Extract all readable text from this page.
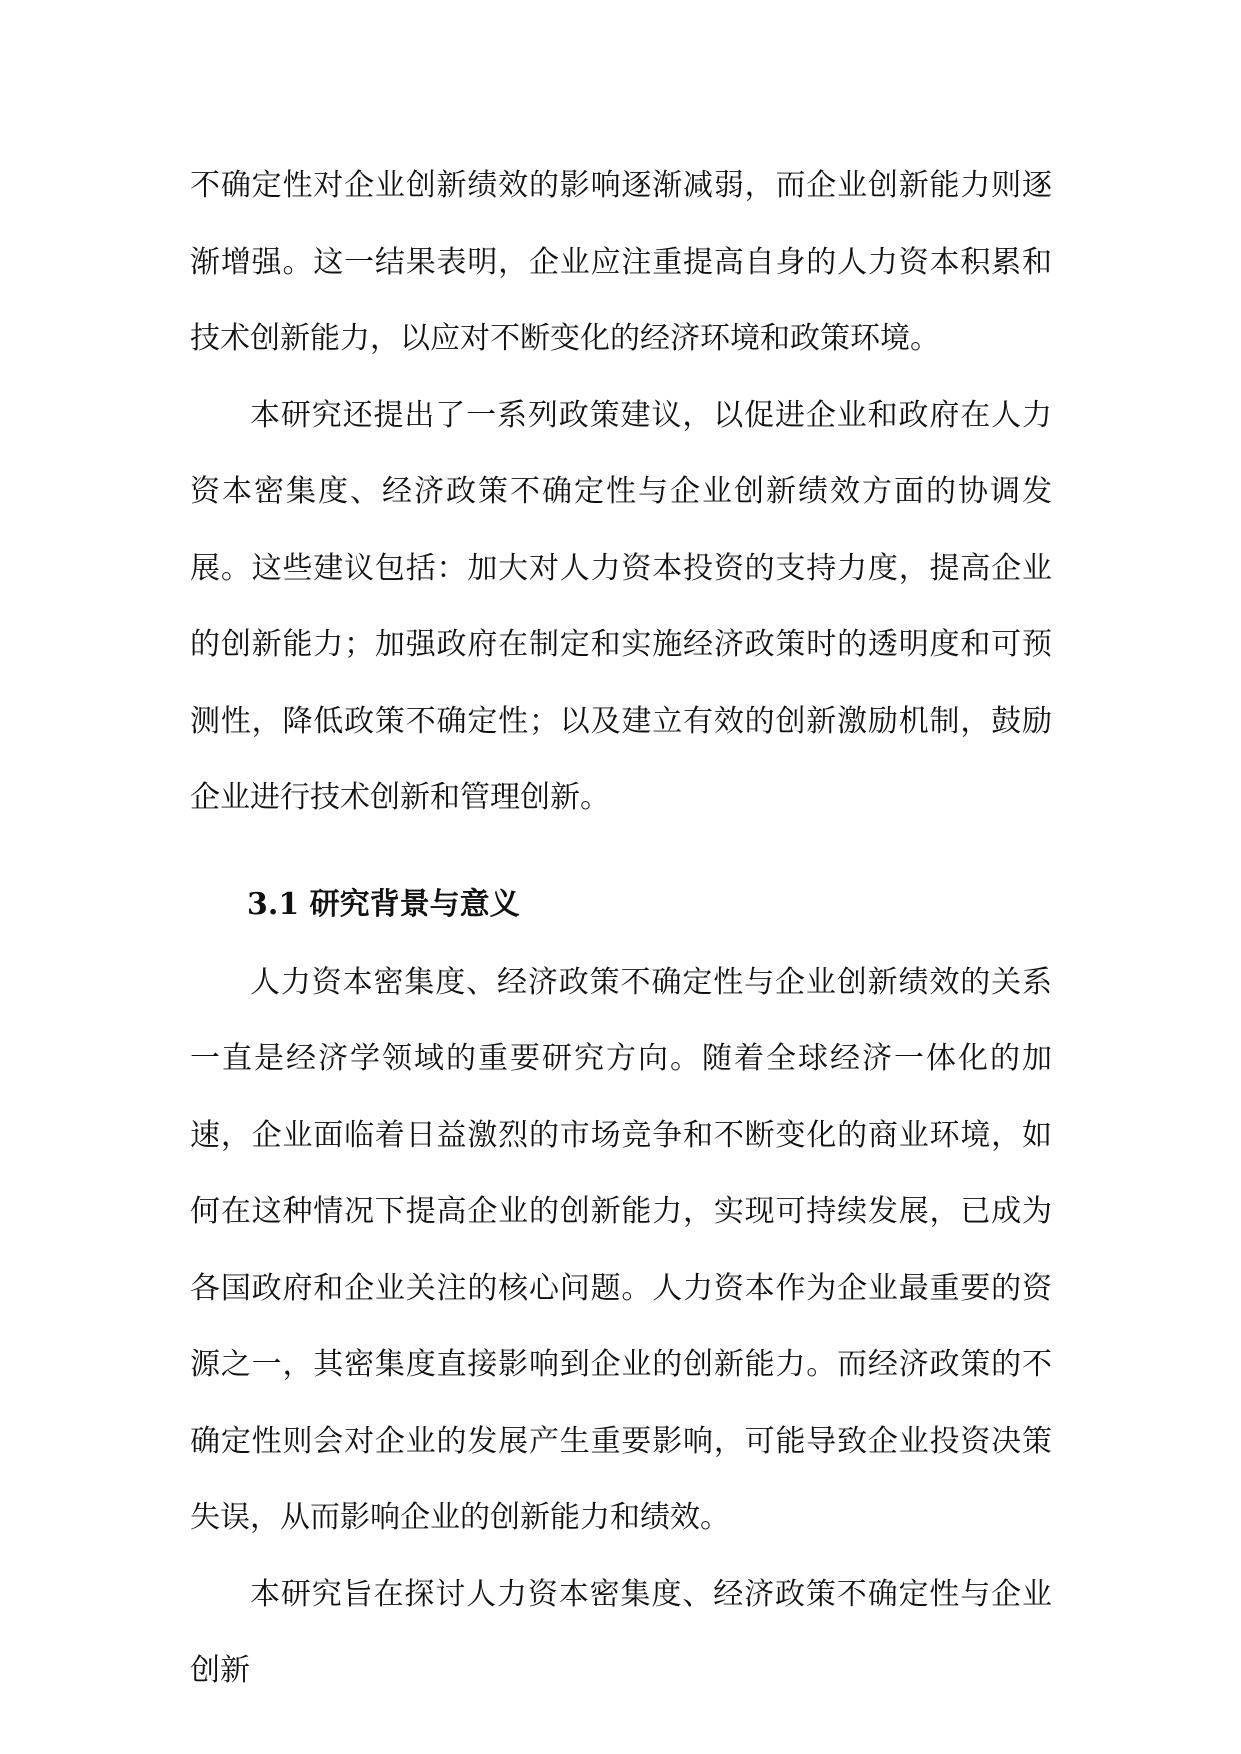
不确定性对企业创新绩效的影响逐渐减弱，而企业创新能力则逐渐增强。这一结果表明，企业应注重提高自身的人力资本积累和技术创新能力，以应对不断变化的经济环境和政策环境。

本研究还提出了一系列政策建议，以促进企业和政府在人力资本密集度、经济政策不确定性与企业创新绩效方面的协调发展。这些建议包括：加大对人力资本投资的支持力度，提高企业的创新能力；加强政府在制定和实施经济政策时的透明度和可预测性，降低政策不确定性；以及建立有效的创新激励机制，鼓励企业进行技术创新和管理创新。

3.1 研究背景与意义

人力资本密集度、经济政策不确定性与企业创新绩效的关系一直是经济学领域的重要研究方向。随着全球经济一体化的加速，企业面临着日益激烈的市场竞争和不断变化的商业环境，如何在这种情况下提高企业的创新能力，实现可持续发展，已成为各国政府和企业关注的核心问题。人力资本作为企业最重要的资源之一，其密集度直接影响到企业的创新能力。而经济政策的不确定性则会对企业的发展产生重要影响，可能导致企业投资决策失误，从而影响企业的创新能力和绩效。

本研究旨在探讨人力资本密集度、经济政策不确定性与企业创新
